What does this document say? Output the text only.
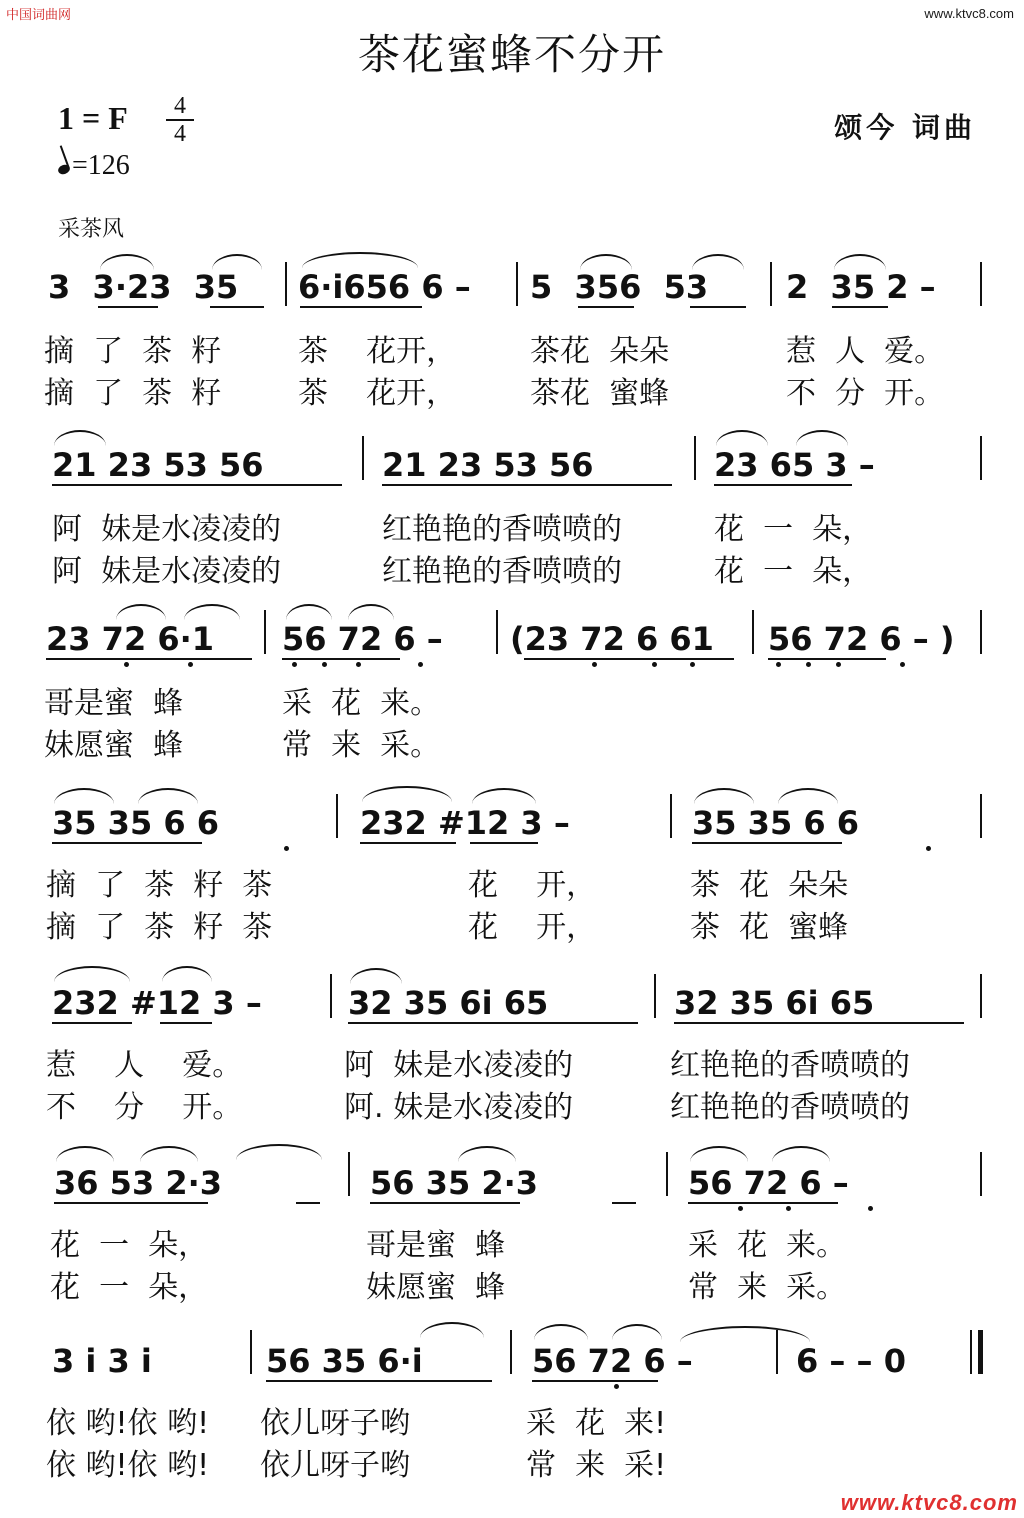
中国词曲网	www.ktvc8.com
www.ktvc8.com
茶花蜜蜂不分开
1 = F	4
4
=126
颂今 词曲
采茶风
3  3·23  35 6·i656 6 – 5  356  53 2  35 2 –
摘  了  茶  籽	茶    花开， 茶花  朵朵	惹  人  爱。
摘  了  茶  籽	茶    花开， 茶花  蜜蜂	不  分  开。
21 23 53 56	21 23 53 56	23 65 3 –
阿  妹是水凌凌的	红艳艳的香喷喷的	花  一  朵，
阿  妹是水凌凌的	红艳艳的香喷喷的	花  一  朵，
23 72 6·1 56 72 6 – (23 72 6 61 56 72 6 – )
哥是蜜  蜂	采  花  来。
妹愿蜜  蜂	常  来  采。
35 35 6 6	232 #12 3 –	35 35 6 6
摘  了  茶  籽  茶	花    开，	茶  花  朵朵
摘  了  茶  籽  茶	花    开，	茶  花  蜜蜂
232 #12 3 –	32 35 6i 65	32 35 6i 65
惹    人    爱。	阿  妹是水凌凌的	红艳艳的香喷喷的
不    分    开。	阿. 妹是水凌凌的	红艳艳的香喷喷的
36 53 2·3	56 35 2·3	56 72 6 –
花  一  朵，	哥是蜜  蜂	采  花  来。
花  一  朵，	妹愿蜜  蜂	常  来  采。
3 i 3 i	56 35 6·i	56 72 6 –	6 – – 0
依 哟!依 哟! 依儿呀子哟	采  花  来!
依 哟!依 哟! 依儿呀子哟	常  来  采!
